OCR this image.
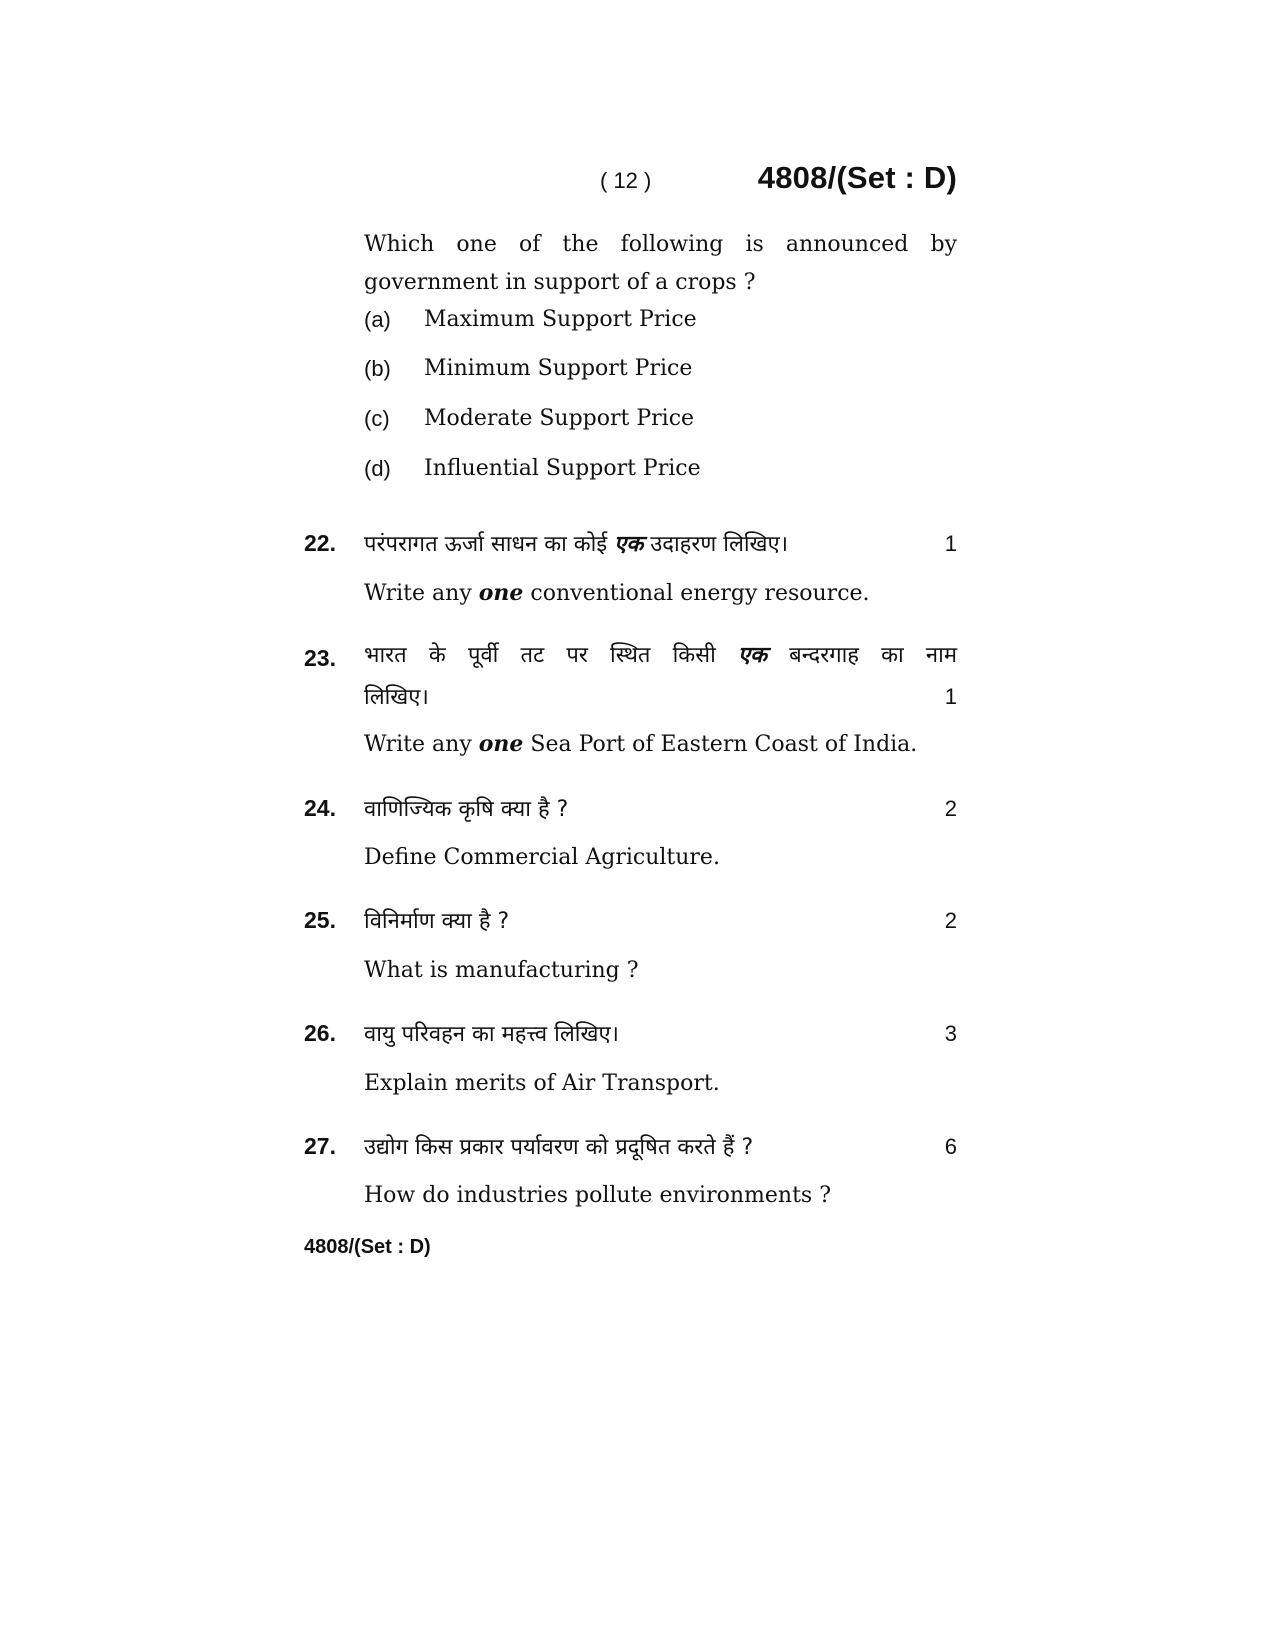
( 12 )	4808/(Set : D)
Which one of the following is announced by government in support of a crops ?
(a) Maximum Support Price
(b) Minimum Support Price
(c) Moderate Support Price
(d) Influential Support Price
22. परंपरागत ऊर्जा साधन का कोई एक उदाहरण लिखिए।	1
Write any one conventional energy resource.
23. भारत के पूर्वी तट पर स्थित किसी एक बन्दरगाह का नाम
लिखिए।	1
Write any one Sea Port of Eastern Coast of India.
24. वाणिज्यिक कृषि क्या है ?	2
Define Commercial Agriculture.
25. विनिर्माण क्या है ?	2
What is manufacturing ?
26. वायु परिवहन का महत्त्व लिखिए।	3
Explain merits of Air Transport.
27. उद्योग किस प्रकार पर्यावरण को प्रदूषित करते हैं ?	6
How do industries pollute environments ?
4808/(Set : D)
